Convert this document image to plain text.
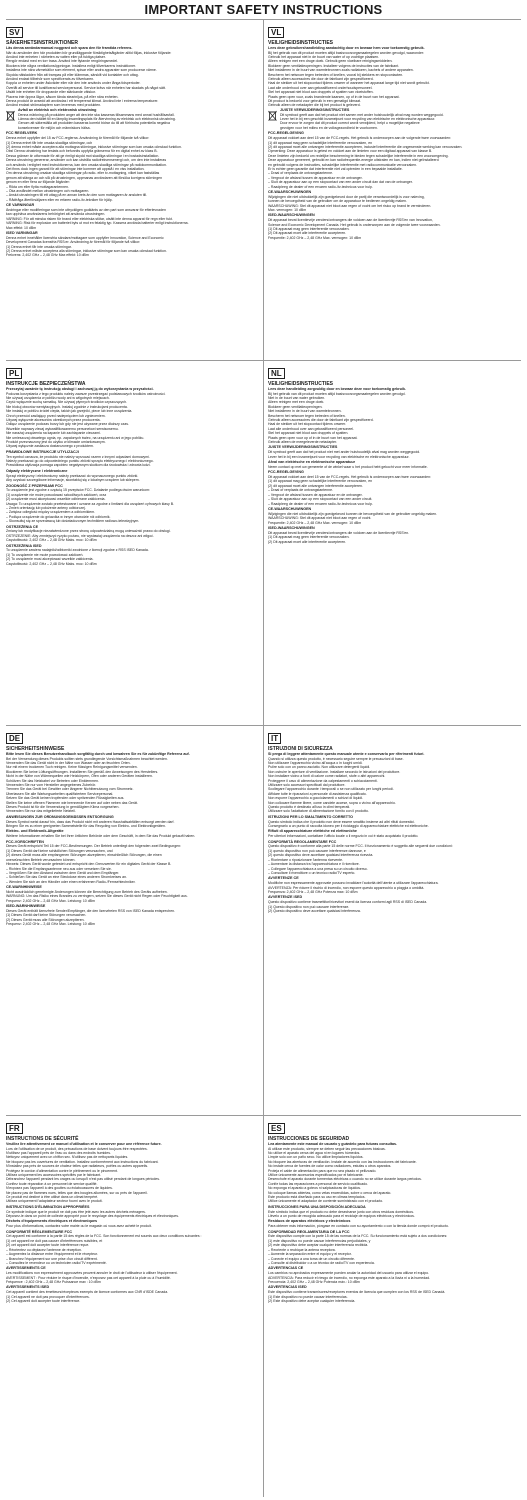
IMPORTANT SAFETY INSTRUCTIONS
SV
SÄKERHETSINSTRUKTIONER
Läs denna användarmanual noggrant och spara den för framtida referens.
När du använder den här produkten bör grundläggande försiktighetsåtgärder alltid följas, inklusive följande:
Använd inte enheten i närheten av vatten eller på fuktiga platser.
Rengör endast med en torr trasa. Använd inte flytande rengöringsmedel.
Blockera inte några ventilationsöppningar. Installera enligt tillverkarens instruktioner.
Installera inte nära värmekällor som element, spisar eller andra apparater som producerar värme.
Skydda nätsladden från att trampas på eller klämmas, särskilt vid kontakter och uttag.
Använd endast tillbehör som specificerats av tillverkaren.
Koppla ur enheten under åskväder eller när den inte används under långa tidsperioder.
Överlåt all service till kvalificerad servicepersonal. Service krävs när enheten har skadats på något sätt.
Utsätt inte enheten för droppande eller stänkande vätskor.
Placera inte öppna lågor, såsom tända stearinljus, på eller nära enheten.
Denna produkt är avsedd att användas i ett tempererat klimat. Använd inte i extrema temperaturer.
Använd endast strömadaptern som levereras med produkten.
Avfall av elektrisk och elektronisk utrustning
Denna märkning på produkten anger att den inte ska kasseras tillsammans med annat hushållsavfall.
Lämna den istället till en lämplig insamlingsplats för återvinning av elektrisk och elektronisk utrustning.
Genom att säkerställa att produkten kasseras korrekt bidrar du till att förhindra potentiella negativa
konsekvenser för miljön och människors hälsa.
FCC REGELVERK
Denna enhet uppfyller del 15 av FCC-reglerna. Användning är föremål för följande två villkor:
(1) Denna enhet får inte orsaka skadliga störningar, och
(2) denna enhet måste acceptera alla mottagna störningar, inklusive störningar som kan orsaka oönskad funktion.
Obs! Denna utrustning har testats och befunnits uppfylla gränserna för en digital enhet av klass B.
Dessa gränser är utformade för att ge rimligt skydd mot skadliga störningar i en bostadsinstallation.
Denna utrustning genererar, använder och kan utstråla radiofrekvensenergi och, om den inte installeras
och används i enlighet med instruktionerna, kan den orsaka skadliga störningar på radiokommunikation.
Det finns dock ingen garanti för att störningar inte kommer att uppstå i en viss installation.
Om denna utrustning orsakar skadliga störningar på radio- eller tv-mottagning, vilket kan fastställas
genom att stänga av och slå på utrustningen, uppmanas användaren att försöka korrigera störningen
genom en eller flera av följande åtgärder:
– Rikta om eller flytta mottagarantennen.
– Öka avståndet mellan utrustningen och mottagaren.
– Anslut utrustningen till ett uttag på en annan krets än den som mottagaren är ansluten till.
– Rådfråga återförsäljaren eller en erfaren radio-/tv-tekniker för hjälp.
CE VARNINGAR
Ändringar eller modifieringar som inte uttryckligen godkänts av den part som ansvarar för efterlevnaden
kan upphäva användarens behörighet att använda utrustningen.
VARNING: För att minska risken för brand eller elektriska stötar, utsätt inte denna apparat för regn eller fukt.
VARNING: Risk för explosion om batteriet byts ut mot en felaktig typ. Kassera använda batterier enligt instruktionerna.
Max effekt: 10 dBm
ISED VARNINGAR
Denna enhet innehåller licensfria sändare/mottagare som uppfyller Innovation, Science and Economic
Development Canadas licensfria RSS:er. Användning är föremål för följande två villkor:
(1) Denna enhet får inte orsaka störningar.
(2) Denna enhet måste acceptera alla störningar, inklusive störningar som kan orsaka oönskad funktion.
Frekvens: 2,402 GHz – 2,48 GHz Max effekt: 10 dBm
VL
VEILIGHEIDSINSTRUCTIES
Lees deze gebruikershandleiding aandachtig door en bewaar hem voor toekomstig gebruik.
Bij het gebruik van dit product moeten altijd basisvoorzorgsmaatregelen worden gevolgd, waaronder:
Gebruik het apparaat niet in de buurt van water of op vochtige plaatsen.
Alleen reinigen met een droge doek. Gebruik geen vloeibare reinigingsmiddelen.
Blokkeer geen ventilatieopeningen. Installeer volgens de instructies van de fabrikant.
Niet installeren in de buurt van warmtebronnen zoals radiatoren, kachels of andere apparaten.
Bescherm het netsnoer tegen betreden of knellen, vooral bij stekkers en stopcontacten.
Gebruik alleen accessoires die door de fabrikant zijn gespecificeerd.
Haal de stekker uit het stopcontact tijdens onweer of wanneer het apparaat lange tijd niet wordt gebruikt.
Laat alle onderhoud over aan gekwalificeerd onderhoudspersoneel.
Stel het apparaat niet bloot aan druppels of spatten van vloeistoffen.
Plaats geen open vuur, zoals brandende kaarsen, op of in de buurt van het apparaat.
Dit product is bedoeld voor gebruik in een gematigd klimaat.
Gebruik alleen de netadapter die bij het product is geleverd.
JUISTE VERWIJDERINGSINSTRUCTIES
Dit symbool geeft aan dat het product niet samen met ander huishoudelijk afval mag worden weggegooid.
Lever het in bij een geschikt inzamelpunt voor recycling van elektrische en elektronische apparatuur.
Door ervoor te zorgen dat dit product correct wordt verwijderd, helpt u mogelijke negatieve
gevolgen voor het milieu en de volksgezondheid te voorkomen.
FCC-REGELGEVING
Dit apparaat voldoet aan deel 15 van de FCC-regels. Het gebruik is onderworpen aan de volgende twee voorwaarden:
(1) dit apparaat mag geen schadelijke interferentie veroorzaken, en
(2) dit apparaat moet alle ontvangen interferentie accepteren, inclusief interferentie die ongewenste werking kan veroorzaken.
Opmerking: Deze apparatuur is getest en voldoet aan de limieten voor een digitaal apparaat van klasse B.
Deze limieten zijn bedoeld om redelijke bescherming te bieden tegen schadelijke interferentie in een woonomgeving.
Deze apparatuur genereert, gebruikt en kan radiofrequentie-energie uitstralen en kan, indien niet geïnstalleerd
en gebruikt volgens de instructies, schadelijke interferentie met radiocommunicatie veroorzaken.
Er is echter geen garantie dat interferentie niet zal optreden in een bepaalde installatie.
– Draai of verplaats de ontvangstantenne.
– Vergroot de afstand tussen de apparatuur en de ontvanger.
– Sluit de apparatuur aan op een stopcontact van een ander circuit dan dat van de ontvanger.
– Raadpleeg de dealer of een ervaren radio-/tv-technicus voor hulp.
CE-WAARSCHUWINGEN
Wijzigingen die niet uitdrukkelijk zijn goedgekeurd door de partij die verantwoordelijk is voor naleving,
kunnen de bevoegdheid van de gebruiker om de apparatuur te bedienen ongeldig maken.
WAARSCHUWING: Stel dit apparaat niet bloot aan regen of vocht om het risico op brand te verminderen.
Max. vermogen: 10 dBm
ISED-WAARSCHUWINGEN
Dit apparaat bevat licentievrije zenders/ontvangers die voldoen aan de licentievrije RSS'en van Innovation,
Science and Economic Development Canada. Het gebruik is onderworpen aan de volgende twee voorwaarden.
(1) Dit apparaat mag geen interferentie veroorzaken.
(2) Dit apparaat moet alle interferentie accepteren.
Frequentie: 2,402 GHz – 2,48 GHz Max. vermogen: 10 dBm
PL
INSTRUKCJE BEZPIECZEŃSTWA
Przeczytaj uważnie tę instrukcję obsługi i zachowaj ją do wykorzystania w przyszłości.
Podczas korzystania z tego produktu należy zawsze przestrzegać podstawowych środków ostrożności.
Nie używaj urządzenia w pobliżu wody ani w wilgotnych miejscach.
Czyść wyłącznie suchą szmatką. Nie używaj płynnych środków czyszczących.
Nie blokuj otworów wentylacyjnych. Instaluj zgodnie z instrukcjami producenta.
Nie instaluj w pobliżu źródeł ciepła, takich jak grzejniki, piece lub inne urządzenia.
Chroń przewód zasilający przed nadepnięciem lub zgnieceniem.
Używaj wyłącznie akcesoriów określonych przez producenta.
Odłącz urządzenie podczas burzy lub gdy nie jest używane przez dłuższy czas.
Wszelkie naprawy zlecaj wykwalifikowanemu personelowi serwisowemu.
Nie narażaj urządzenia na kapanie lub zachlapanie cieczami.
Nie umieszczaj otwartego ognia, np. zapalonych świec, na urządzeniu ani w jego pobliżu.
Produkt przeznaczony jest do użytku w klimacie umiarkowanym.
Używaj wyłącznie zasilacza dostarczonego z produktem.
PRAWIDŁOWE INSTRUKCJE UTYLIZACJI
Ten symbol oznacza, że produktu nie należy wyrzucać razem z innymi odpadami domowymi.
Należy przekazać go do odpowiedniego punktu zbiórki sprzętu elektrycznego i elektronicznego.
Prawidłowa utylizacja pomaga zapobiec negatywnym skutkom dla środowiska i zdrowia ludzi.
Odpady elektryczne i elektroniczne
Sprzęt elektryczny i elektroniczny należy przekazać do wyznaczonego punktu zbiórki.
Aby uzyskać szczegółowe informacje, skontaktuj się z lokalnym urzędem lub sklepem.
ZGODNOŚĆ Z PRZEPISAMI FCC
To urządzenie jest zgodne z częścią 15 przepisów FCC. Działanie podlega dwóm warunkom:
(1) urządzenie nie może powodować szkodliwych zakłóceń, oraz
(2) urządzenie musi akceptować wszelkie odbierane zakłócenia.
Uwaga: To urządzenie zostało przetestowane i uznane za zgodne z limitami dla urządzeń cyfrowych klasy B.
– Zmień orientację lub położenie anteny odbiorczej.
– Zwiększ odległość między urządzeniem a odbiornikiem.
– Podłącz urządzenie do gniazdka w innym obwodzie niż odbiornik.
– Skonsultuj się ze sprzedawcą lub doświadczonym technikiem radiowo-telewizyjnym.
OSTRZEŻENIA CE
Zmiany lub modyfikacje niezatwierdzone przez stronę odpowiedzialną mogą unieważnić prawo do obsługi.
OSTRZEŻENIE: Aby zmniejszyć ryzyko pożaru, nie wystawiaj urządzenia na deszcz ani wilgoć.
Częstotliwość: 2,402 GHz – 2,48 GHz Maks. moc: 10 dBm
OSTRZEŻENIA ISED
To urządzenie zawiera nadajniki/odbiorniki zwolnione z licencji zgodne z RSS ISED Kanada.
(1) To urządzenie nie może powodować zakłóceń.
(2) To urządzenie musi akceptować wszelkie zakłócenia.
Częstotliwość: 2,402 GHz – 2,48 GHz Maks. moc: 10 dBm
NL
VEILIGHEIDSINSTRUCTIES
Lees deze handleiding zorgvuldig door en bewaar deze voor toekomstig gebruik.
Bij het gebruik van dit product moeten altijd basisvoorzorgsmaatregelen worden gevolgd.
Niet in de buurt van water gebruiken.
Alleen reinigen met een droge doek.
Blokkeer geen ventilatieopeningen.
Niet installeren in de buurt van warmtebronnen.
Bescherm het netsnoer tegen betreden of knellen.
Gebruik alleen accessoires die door de fabrikant zijn gespecificeerd.
Haal de stekker uit het stopcontact tijdens onweer.
Laat alle onderhoud over aan gekwalificeerd personeel.
Stel het apparaat niet bloot aan druppels of spatten.
Plaats geen open vuur op of in de buurt van het apparaat.
Gebruik alleen de meegeleverde netadapter.
JUISTE VERWIJDERINGSINSTRUCTIES
Dit symbool geeft aan dat het product niet met ander huishoudelijk afval mag worden weggegooid.
Lever het in bij een inzamelpunt voor recycling van elektrische en elektronische apparatuur.
Afval van elektrische en elektronische apparatuur
Neem contact op met uw gemeente of de winkel waar u het product hebt gekocht voor meer informatie.
FCC-REGELGEVING
Dit apparaat voldoet aan deel 15 van de FCC-regels. Het gebruik is onderworpen aan twee voorwaarden:
(1) dit apparaat mag geen schadelijke interferentie veroorzaken, en
(2) dit apparaat moet alle ontvangen interferentie accepteren.
– Draai of verplaats de ontvangstantenne.
– Vergroot de afstand tussen de apparatuur en de ontvanger.
– Sluit de apparatuur aan op een stopcontact van een ander circuit.
– Raadpleeg de dealer of een ervaren radio-/tv-technicus voor hulp.
CE-WAARSCHUWINGEN
Wijzigingen die niet uitdrukkelijk zijn goedgekeurd kunnen de bevoegdheid van de gebruiker ongeldig maken.
WAARSCHUWING: Stel dit apparaat niet bloot aan regen of vocht.
Frequentie: 2,402 GHz – 2,48 GHz Max. vermogen: 10 dBm
ISED-WAARSCHUWINGEN
Dit apparaat bevat licentievrije zenders/ontvangers die voldoen aan de licentievrije RSS'en.
(1) Dit apparaat mag geen interferentie veroorzaken.
(2) Dit apparaat moet alle interferentie accepteren.
DE
SICHERHEITSHINWEISE
Bitte lesen Sie dieses Benutzerhandbuch sorgfältig durch und bewahren Sie es für zukünftige Referenz auf.
Bei der Verwendung dieses Produkts sollten stets grundlegende Vorsichtsmaßnahmen beachtet werden.
Verwenden Sie das Gerät nicht in der Nähe von Wasser oder an feuchten Orten.
Nur mit einem trockenen Tuch reinigen. Keine flüssigen Reinigungsmittel verwenden.
Blockieren Sie keine Lüftungsöffnungen. Installieren Sie gemäß den Anweisungen des Herstellers.
Nicht in der Nähe von Wärmequellen wie Heizkörpern, Öfen oder anderen Geräten installieren.
Schützen Sie das Netzkabel vor Betreten oder Einklemmen.
Verwenden Sie nur vom Hersteller angegebenes Zubehör.
Trennen Sie das Gerät bei Gewitter oder längerer Nichtbenutzung vom Stromnetz.
Überlassen Sie alle Wartungsarbeiten qualifiziertem Servicepersonal.
Setzen Sie das Gerät keinen tropfenden oder spritzenden Flüssigkeiten aus.
Stellen Sie keine offenen Flammen wie brennende Kerzen auf oder neben das Gerät.
Dieses Produkt ist für die Verwendung in gemäßigtem Klima vorgesehen.
Verwenden Sie nur das mitgelieferte Netzteil.
ANWEISUNGEN ZUR ORDNUNGSGEMÄSSEN ENTSORGUNG
Dieses Symbol weist darauf hin, dass das Produkt nicht mit anderen Haushaltsabfällen entsorgt werden darf.
Bringen Sie es zu einer geeigneten Sammelstelle für das Recycling von Elektro- und Elektronikgeräten.
Elektro- und Elektronik-Altgeräte
Weitere Informationen erhalten Sie bei Ihrer örtlichen Behörde oder dem Geschäft, in dem Sie das Produkt gekauft haben.
FCC-VORSCHRIFTEN
Dieses Gerät entspricht Teil 15 der FCC-Bestimmungen. Der Betrieb unterliegt den folgenden zwei Bedingungen:
(1) Dieses Gerät darf keine schädlichen Störungen verursachen, und
(2) dieses Gerät muss alle empfangenen Störungen akzeptieren, einschließlich Störungen, die einen
unerwünschten Betrieb verursachen können.
Hinweis: Dieses Gerät wurde getestet und entspricht den Grenzwerten für ein digitales Gerät der Klasse B.
– Richten Sie die Empfangsantenne neu aus oder versetzen Sie sie.
– Vergrößern Sie den Abstand zwischen dem Gerät und dem Empfänger.
– Schließen Sie das Gerät an eine Steckdose eines anderen Stromkreises an.
– Wenden Sie sich an den Händler oder einen erfahrenen Radio-/Fernsehtechniker.
CE-WARNHINWEISE
Nicht ausdrücklich genehmigte Änderungen können die Berechtigung zum Betrieb des Geräts aufheben.
WARNUNG: Um das Risiko eines Brandes zu verringern, setzen Sie dieses Gerät nicht Regen oder Feuchtigkeit aus.
Frequenz: 2,402 GHz – 2,48 GHz Max. Leistung: 10 dBm
ISED-WARNHINWEISE
Dieses Gerät enthält lizenzfreie Sender/Empfänger, die den lizenzfreien RSS von ISED Kanada entsprechen.
(1) Dieses Gerät darf keine Störungen verursachen.
(2) Dieses Gerät muss alle Störungen akzeptieren.
Frequenz: 2,402 GHz – 2,48 GHz Max. Leistung: 10 dBm
IT
ISTRUZIONI DI SICUREZZA
Si prega di leggere attentamente questo manuale utente e conservarlo per riferimenti futuri.
Quando si utilizza questo prodotto, è necessario seguire sempre le precauzioni di base.
Non utilizzare l'apparecchio vicino all'acqua o in luoghi umidi.
Pulire solo con un panno asciutto. Non utilizzare detergenti liquidi.
Non ostruire le aperture di ventilazione. Installare secondo le istruzioni del produttore.
Non installare vicino a fonti di calore come radiatori, stufe o altri apparecchi.
Proteggere il cavo di alimentazione da calpestamenti o schiacciamenti.
Utilizzare solo accessori specificati dal produttore.
Scollegare l'apparecchio durante i temporali o se non utilizzato per lunghi periodi.
Affidare tutte le riparazioni a personale di assistenza qualificato.
Non esporre l'apparecchio a gocciolamenti o schizzi di liquidi.
Non collocare fiamme libere, come candele accese, sopra o vicino all'apparecchio.
Questo prodotto è destinato all'uso in climi temperati.
Utilizzare solo l'adattatore di alimentazione fornito con il prodotto.
ISTRUZIONI PER LO SMALTIMENTO CORRETTO
Questo simbolo indica che il prodotto non deve essere smaltito insieme ad altri rifiuti domestici.
Consegnarlo a un punto di raccolta idoneo per il riciclaggio di apparecchiature elettriche ed elettroniche.
Rifiuti di apparecchiature elettriche ed elettroniche
Per ulteriori informazioni, contattare l'ufficio locale o il negozio in cui è stato acquistato il prodotto.
CONFORMITÀ REGOLAMENTARE FCC
Questo dispositivo è conforme alla parte 15 delle norme FCC. Il funzionamento è soggetto alle seguenti due condizioni:
(1) questo dispositivo non può causare interferenze dannose, e
(2) questo dispositivo deve accettare qualsiasi interferenza ricevuta.
– Riorientare o riposizionare l'antenna ricevente.
– Aumentare la distanza tra l'apparecchiatura e il ricevitore.
– Collegare l'apparecchiatura a una presa su un circuito diverso.
– Consultare il rivenditore o un tecnico radio/TV esperto.
AVVERTENZE CE
Modifiche non espressamente approvate possono invalidare l'autorità dell'utente a utilizzare l'apparecchiatura.
AVVERTENZA: Per ridurre il rischio di incendio, non esporre questo apparecchio a pioggia o umidità.
Frequenza: 2,402 GHz – 2,48 GHz Potenza max: 10 dBm
AVVERTENZE ISED
Questo dispositivo contiene trasmettitori/ricevitori esenti da licenza conformi agli RSS di ISED Canada.
(1) Questo dispositivo non può causare interferenze.
(2) Questo dispositivo deve accettare qualsiasi interferenza.
FR
INSTRUCTIONS DE SÉCURITÉ
Veuillez lire attentivement ce manuel d'utilisation et le conserver pour une référence future.
Lors de l'utilisation de ce produit, des précautions de base doivent toujours être respectées.
N'utilisez pas l'appareil près de l'eau ou dans des endroits humides.
Nettoyez uniquement avec un chiffon sec. N'utilisez pas de nettoyants liquides.
Ne bloquez pas les ouvertures de ventilation. Installez conformément aux instructions du fabricant.
N'installez pas près de sources de chaleur telles que radiateurs, poêles ou autres appareils.
Protégez le cordon d'alimentation contre le piétinement ou le pincement.
Utilisez uniquement les accessoires spécifiés par le fabricant.
Débranchez l'appareil pendant les orages ou lorsqu'il n'est pas utilisé pendant de longues périodes.
Confiez toute réparation à un personnel de service qualifié.
N'exposez pas l'appareil à des gouttes ou éclaboussures de liquides.
Ne placez pas de flammes nues, telles que des bougies allumées, sur ou près de l'appareil.
Ce produit est destiné à être utilisé dans un climat tempéré.
Utilisez uniquement l'adaptateur secteur fourni avec le produit.
INSTRUCTIONS D'ÉLIMINATION APPROPRIÉES
Ce symbole indique que le produit ne doit pas être jeté avec les autres déchets ménagers.
Déposez-le dans un point de collecte approprié pour le recyclage des équipements électriques et électroniques.
Déchets d'équipements électriques et électroniques
Pour plus d'informations, contactez votre mairie ou le magasin où vous avez acheté le produit.
CONFORMITÉ RÉGLEMENTAIRE FCC
Cet appareil est conforme à la partie 15 des règles de la FCC. Son fonctionnement est soumis aux deux conditions suivantes :
(1) cet appareil ne doit pas causer d'interférences nuisibles, et
(2) cet appareil doit accepter toute interférence reçue.
– Réorientez ou déplacez l'antenne de réception.
– Augmentez la distance entre l'équipement et le récepteur.
– Branchez l'équipement sur une prise d'un circuit différent.
– Consultez le revendeur ou un technicien radio/TV expérimenté.
AVERTISSEMENTS CE
Les modifications non expressément approuvées peuvent annuler le droit de l'utilisateur à utiliser l'équipement.
AVERTISSEMENT : Pour réduire le risque d'incendie, n'exposez pas cet appareil à la pluie ou à l'humidité.
Fréquence : 2,402 GHz – 2,48 GHz Puissance max : 10 dBm
AVERTISSEMENTS ISED
Cet appareil contient des émetteurs/récepteurs exempts de licence conformes aux CNR d'ISDE Canada.
(1) Cet appareil ne doit pas provoquer d'interférences.
(2) Cet appareil doit accepter toute interférence.
ES
INSTRUCCIONES DE SEGURIDAD
Lea atentamente este manual de usuario y guárdelo para futuras consultas.
Al utilizar este producto, siempre se deben seguir las precauciones básicas.
No utilice el aparato cerca del agua ni en lugares húmedos.
Limpie solo con un paño seco. No utilice limpiadores líquidos.
No bloquee las aberturas de ventilación. Instale de acuerdo con las instrucciones del fabricante.
No instale cerca de fuentes de calor como radiadores, estufas u otros aparatos.
Proteja el cable de alimentación para que no sea pisado ni pellizcado.
Utilice únicamente accesorios especificados por el fabricante.
Desenchufe el aparato durante tormentas eléctricas o cuando no se utilice durante largos periodos.
Confíe todas las reparaciones a personal de servicio cualificado.
No exponga el aparato a goteos ni salpicaduras de líquidos.
No coloque llamas abiertas, como velas encendidas, sobre o cerca del aparato.
Este producto está diseñado para su uso en climas templados.
Utilice únicamente el adaptador de corriente suministrado con el producto.
INSTRUCCIONES PARA UNA DISPOSICIÓN ADECUADA
Este símbolo indica que el producto no debe desecharse junto con otros residuos domésticos.
Llévelo a un punto de recogida adecuado para el reciclaje de equipos eléctricos y electrónicos.
Residuos de aparatos eléctricos y electrónicos
Para obtener más información, póngase en contacto con su ayuntamiento o con la tienda donde compró el producto.
CONFORMIDAD REGLAMENTARIA DE LA FCC
Este dispositivo cumple con la parte 15 de las normas de la FCC. Su funcionamiento está sujeto a dos condiciones:
(1) este dispositivo no puede causar interferencias perjudiciales, y
(2) este dispositivo debe aceptar cualquier interferencia recibida.
– Reoriente o reubique la antena receptora.
– Aumente la separación entre el equipo y el receptor.
– Conecte el equipo a una toma de un circuito diferente.
– Consulte al distribuidor o a un técnico de radio/TV con experiencia.
ADVERTENCIAS CE
Los cambios no aprobados expresamente pueden anular la autoridad del usuario para utilizar el equipo.
ADVERTENCIA: Para reducir el riesgo de incendio, no exponga este aparato a la lluvia ni a la humedad.
Frecuencia: 2,402 GHz – 2,48 GHz Potencia máx.: 10 dBm
ADVERTENCIAS ISED
Este dispositivo contiene transmisores/receptores exentos de licencia que cumplen con los RSS de ISED Canadá.
(1) Este dispositivo no puede causar interferencias.
(2) Este dispositivo debe aceptar cualquier interferencia.
